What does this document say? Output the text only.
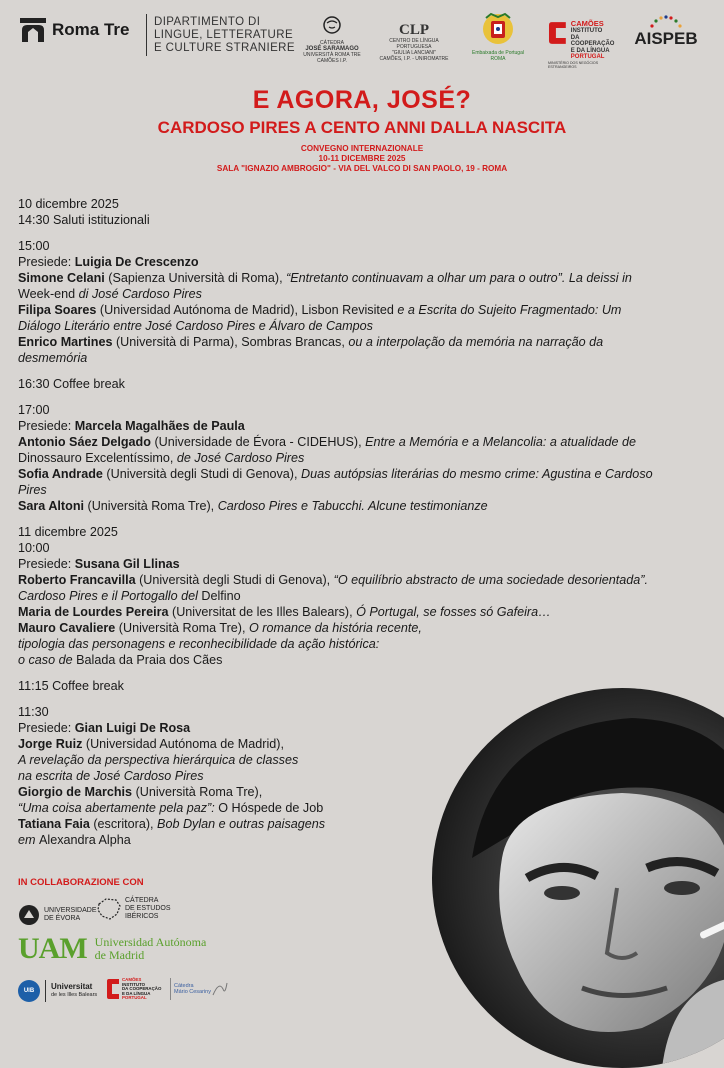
Roma Tre DIPARTIMENTO DI
LINGUE, LETTERATURE
E CULTURE STRANIERE	CÁTEDRA
JOSÉ SARAMAGO
UNIVERSITÀ ROMA TRE
CAMÕES I.P.
CLP
CENTRO DE LÍNGUA PORTUGUESA
"GIULIA LANCIANI"
CAMÕES, I.P. - UNIROMATRE
Embaixada de Portugal
ROMA
CAMÕES
INSTITUTO
DA COOPERAÇÃO
E DA LÍNGUA
PORTUGAL
MINISTÉRIO DOS NEGÓCIOS ESTRANGEIROS
AISPEB
E AGORA, JOSÉ?
CARDOSO PIRES A CENTO ANNI DALLA NASCITA
CONVEGNO INTERNAZIONALE
10-11 DICEMBRE 2025
SALA "IGNAZIO AMBROGIO" - VIA DEL VALCO DI SAN PAOLO, 19 - ROMA

10 dicembre 2025

14:30 Saluti istituzionali

15:00

Presiede: Luigia De Crescenzo

Simone Celani (Sapienza Università di Roma), “Entretanto continuavam a olhar um para o outro”. La deissi in

Week-end di José Cardoso Pires

Filipa Soares (Universidad Autónoma de Madrid), Lisbon Revisited e a Escrita do Sujeito Fragmentado: Um

Diálogo Literário entre José Cardoso Pires e Álvaro de Campos

Enrico Martines (Università di Parma), Sombras Brancas, ou a interpolação da memória na narração da

desmemória

16:30 Coffee break

17:00

Presiede: Marcela Magalhães de Paula

Antonio Sáez Delgado (Universidade de Évora - CIDEHUS), Entre a Memória e a Melancolia: a atualidade de

Dinossauro Excelentíssimo, de José Cardoso Pires

Sofia Andrade (Università degli Studi di Genova), Duas autópsias literárias do mesmo crime: Agustina e Cardoso

Pires

Sara Altoni (Università Roma Tre), Cardoso Pires e Tabucchi. Alcune testimonianze

11 dicembre 2025

10:00

Presiede: Susana Gil Llinas

Roberto Francavilla (Università degli Studi di Genova), “O equilíbrio abstracto de uma sociedade desorientada”.

Cardoso Pires e il Portogallo del Delfino

Maria de Lourdes Pereira (Universitat de les Illes Balears), Ó Portugal, se fosses só Gafeira…

Mauro Cavaliere (Università Roma Tre), O romance da história recente,

tipologia das personagens e reconhecibilidade da ação histórica:

o caso de Balada da Praia dos Cães

11:15 Coffee break

11:30

Presiede: Gian Luigi De Rosa

Jorge Ruiz (Universidad Autónoma de Madrid),

A revelação da perspectiva hierárquica de classes

na escrita de José Cardoso Pires

Giorgio de Marchis (Università Roma Tre),

“Uma coisa abertamente pela paz”: O Hóspede de Job

Tatiana Faia (escritora), Bob Dylan e outras paisagens

em Alexandra Alpha

IN COLLABORAZIONE CON
UNIVERSIDADE
DE ÉVORA
CÁTEDRA
DE ESTUDOS
IBÉRICOS
UAM Universidad Autónoma
de Madrid
UIB	Universitat
de les Illes Balears
CAMÕES
INSTITUTO
DA COOPERAÇÃO
E DA LÍNGUA
PORTUGAL
Cátedra
Mário Cesariny
